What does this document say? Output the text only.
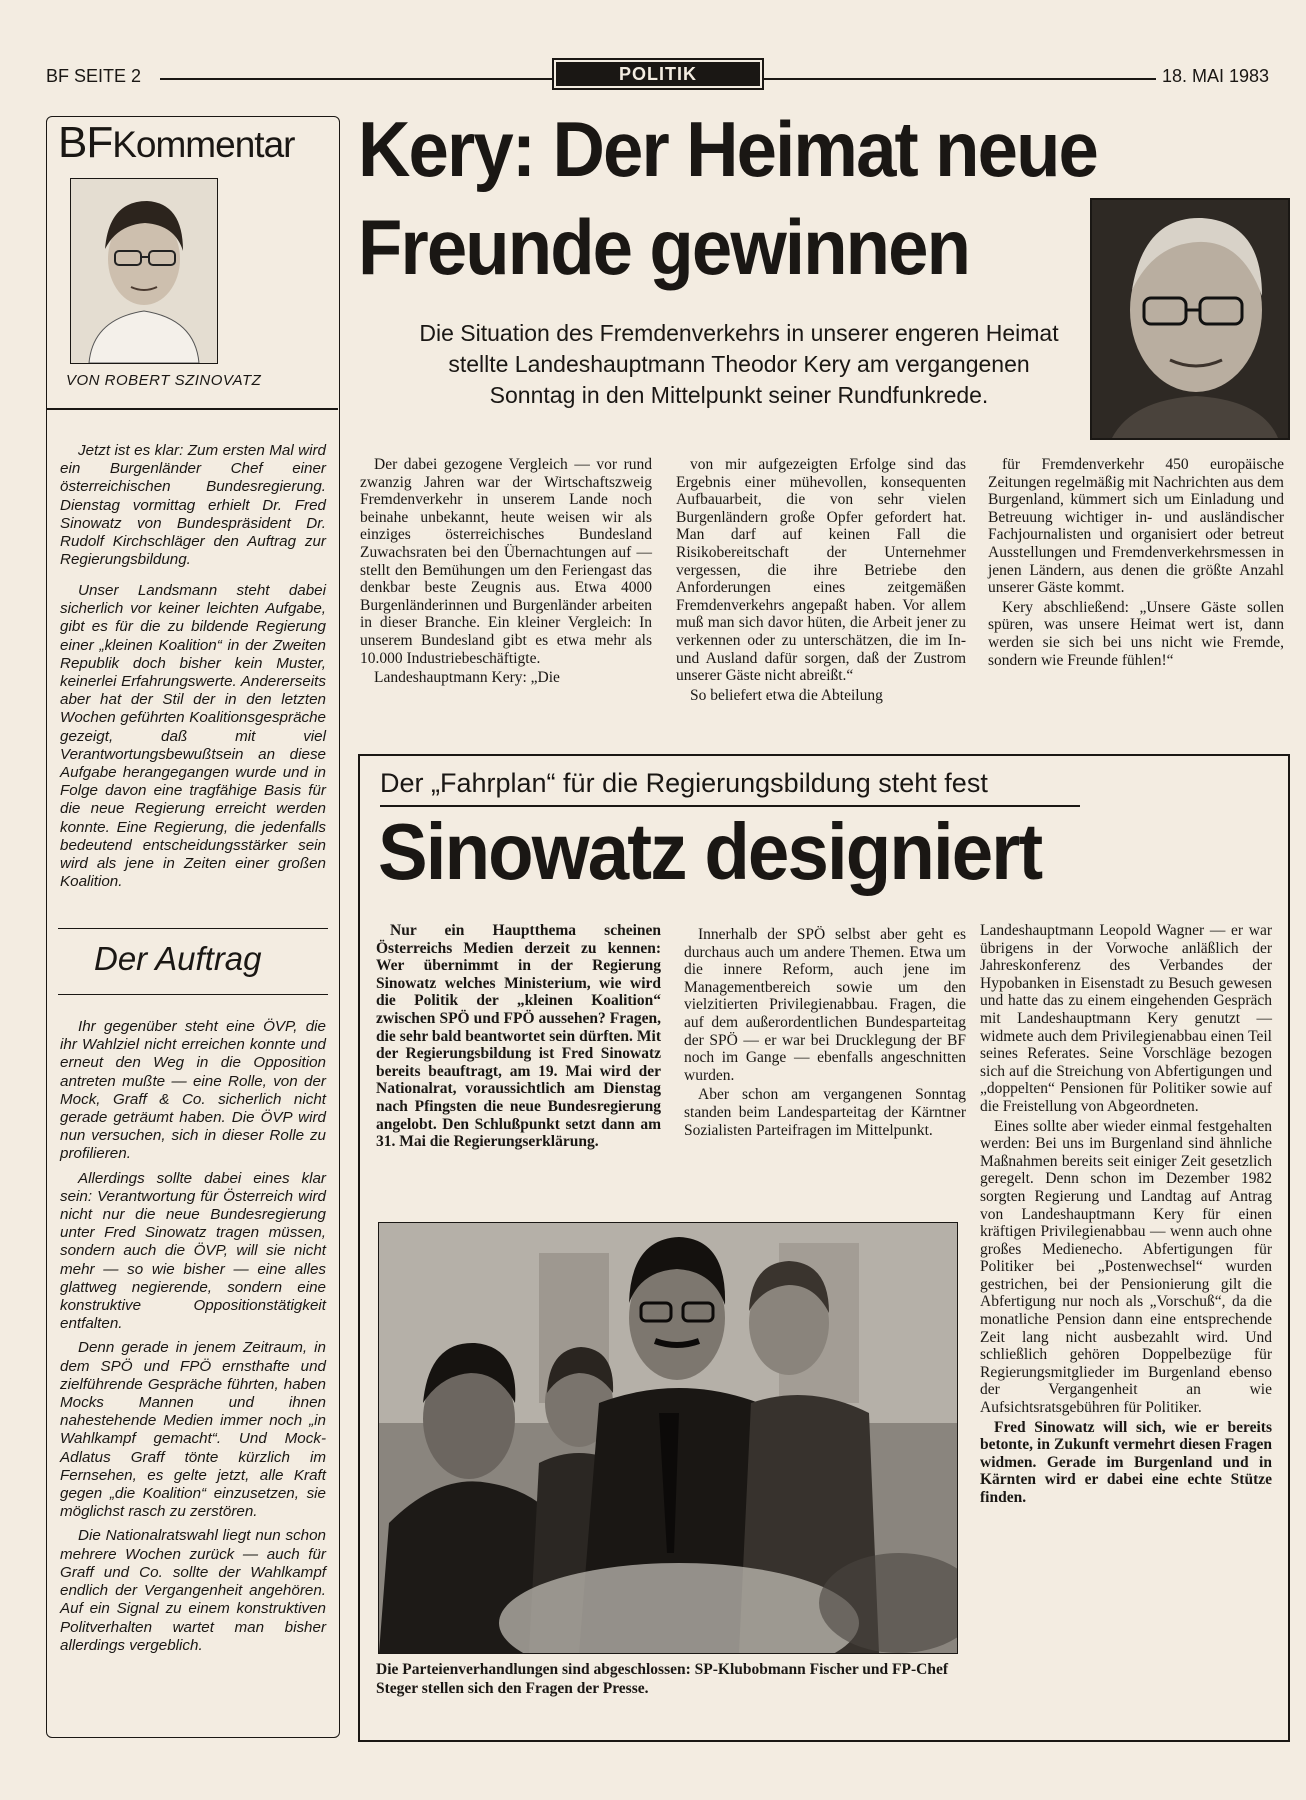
BF SEITE 2	POLITIK	18. MAI 1983
BFKommentar
VON ROBERT SZINOVATZ

Jetzt ist es klar: Zum ersten Mal wird ein Burgenländer Chef einer österreichischen Bundesregierung. Dienstag vormittag erhielt Dr. Fred Sinowatz von Bundespräsident Dr. Rudolf Kirchschläger den Auftrag zur Regierungsbildung.

Unser Landsmann steht dabei sicherlich vor keiner leichten Aufgabe, gibt es für die zu bildende Regierung einer „kleinen Koalition“ in der Zweiten Republik doch bisher kein Muster, keinerlei Erfahrungswerte. Andererseits aber hat der Stil der in den letzten Wochen geführten Koalitionsgespräche gezeigt, daß mit viel Verantwortungsbewußtsein an diese Aufgabe herangegangen wurde und in Folge davon eine tragfähige Basis für die neue Regierung erreicht werden konnte. Eine Regierung, die jedenfalls bedeutend entscheidungsstärker sein wird als jene in Zeiten einer großen Koalition.

Der Auftrag

Ihr gegenüber steht eine ÖVP, die ihr Wahlziel nicht erreichen konnte und erneut den Weg in die Opposition antreten mußte — eine Rolle, von der Mock, Graff & Co. sicherlich nicht gerade geträumt haben. Die ÖVP wird nun versuchen, sich in dieser Rolle zu profilieren.

Allerdings sollte dabei eines klar sein: Verantwortung für Österreich wird nicht nur die neue Bundesregierung unter Fred Sinowatz tragen müssen, sondern auch die ÖVP, will sie nicht mehr — so wie bisher — eine alles glattweg negierende, sondern eine konstruktive Oppositionstätigkeit entfalten.

Denn gerade in jenem Zeitraum, in dem SPÖ und FPÖ ernsthafte und zielführende Gespräche führten, haben Mocks Mannen und ihnen nahestehende Medien immer noch „in Wahlkampf gemacht“. Und Mock-Adlatus Graff tönte kürzlich im Fernsehen, es gelte jetzt, alle Kraft gegen „die Koalition“ einzusetzen, sie möglichst rasch zu zerstören.

Die Nationalratswahl liegt nun schon mehrere Wochen zurück — auch für Graff und Co. sollte der Wahlkampf endlich der Vergangenheit angehören. Auf ein Signal zu einem konstruktiven Politverhalten wartet man bisher allerdings vergeblich.

Kery: Der Heimat neue
Freunde gewinnen
Die Situation des Fremdenverkehrs in unserer engeren Heimat stellte Landeshauptmann Theodor Kery am vergangenen Sonntag in den Mittelpunkt seiner Rundfunkrede.

Der dabei gezogene Vergleich — vor rund zwanzig Jahren war der Wirtschaftszweig Fremdenverkehr in unserem Lande noch beinahe unbekannt, heute weisen wir als einziges österreichisches Bundesland Zuwachsraten bei den Übernachtungen auf — stellt den Bemühungen um den Feriengast das denkbar beste Zeugnis aus. Etwa 4000 Burgenländerinnen und Burgenländer arbeiten in dieser Branche. Ein kleiner Vergleich: In unserem Bundesland gibt es etwa mehr als 10.000 Industriebeschäftigte.

Landeshauptmann Kery: „Die

von mir aufgezeigten Erfolge sind das Ergebnis einer mühevollen, konsequenten Aufbauarbeit, die von sehr vielen Burgenländern große Opfer gefordert hat. Man darf auf keinen Fall die Risikobereitschaft der Unternehmer vergessen, die ihre Betriebe den Anforderungen eines zeitgemäßen Fremdenverkehrs angepaßt haben. Vor allem muß man sich davor hüten, die Arbeit jener zu verkennen oder zu unterschätzen, die im In- und Ausland dafür sorgen, daß der Zustrom unserer Gäste nicht abreißt.“

So beliefert etwa die Abteilung

für Fremdenverkehr 450 europäische Zeitungen regelmäßig mit Nachrichten aus dem Burgenland, kümmert sich um Einladung und Betreuung wichtiger in- und ausländischer Fachjournalisten und organisiert oder betreut Ausstellungen und Fremdenverkehrsmessen in jenen Ländern, aus denen die größte Anzahl unserer Gäste kommt.

Kery abschließend: „Unsere Gäste sollen spüren, was unsere Heimat wert ist, dann werden sie sich bei uns nicht wie Fremde, sondern wie Freunde fühlen!“

Der „Fahrplan“ für die Regierungsbildung steht fest
Sinowatz designiert

Nur ein Hauptthema scheinen Österreichs Medien derzeit zu kennen: Wer übernimmt in der Regierung Sinowatz welches Ministerium, wie wird die Politik der „kleinen Koalition“ zwischen SPÖ und FPÖ aussehen? Fragen, die sehr bald beantwortet sein dürften. Mit der Regierungsbildung ist Fred Sinowatz bereits beauftragt, am 19. Mai wird der Nationalrat, voraussichtlich am Dienstag nach Pfingsten die neue Bundesregierung angelobt. Den Schlußpunkt setzt dann am 31. Mai die Regierungserklärung.

Innerhalb der SPÖ selbst aber geht es durchaus auch um andere Themen. Etwa um die innere Reform, auch jene im Managementbereich sowie um den vielzitierten Privilegienabbau. Fragen, die auf dem außerordentlichen Bundesparteitag der SPÖ — er war bei Drucklegung der BF noch im Gange — ebenfalls angeschnitten wurden.

Aber schon am vergangenen Sonntag standen beim Landesparteitag der Kärntner Sozialisten Parteifragen im Mittelpunkt.

Landeshauptmann Leopold Wagner — er war übrigens in der Vorwoche anläßlich der Jahreskonferenz des Verbandes der Hypobanken in Eisenstadt zu Besuch gewesen und hatte das zu einem eingehenden Gespräch mit Landeshauptmann Kery genutzt — widmete auch dem Privilegienabbau einen Teil seines Referates. Seine Vorschläge bezogen sich auf die Streichung von Abfertigungen und „doppelten“ Pensionen für Politiker sowie auf die Freistellung von Abgeordneten.

Eines sollte aber wieder einmal festgehalten werden: Bei uns im Burgenland sind ähnliche Maßnahmen bereits seit einiger Zeit gesetzlich geregelt. Denn schon im Dezember 1982 sorgten Regierung und Landtag auf Antrag von Landeshauptmann Kery für einen kräftigen Privilegienabbau — wenn auch ohne großes Medienecho. Abfertigungen für Politiker bei „Postenwechsel“ wurden gestrichen, bei der Pensionierung gilt die Abfertigung nur noch als „Vorschuß“, da die monatliche Pension dann eine entsprechende Zeit lang nicht ausbezahlt wird. Und schließlich gehören Doppelbezüge für Regierungsmitglieder im Burgenland ebenso der Vergangenheit an wie Aufsichtsratsgebühren für Politiker.

Fred Sinowatz will sich, wie er bereits betonte, in Zukunft vermehrt diesen Fragen widmen. Gerade im Burgenland und in Kärnten wird er dabei eine echte Stütze finden.

Die Parteienverhandlungen sind abgeschlossen: SP-Klubobmann Fischer und FP-Chef Steger stellen sich den Fragen der Presse.
